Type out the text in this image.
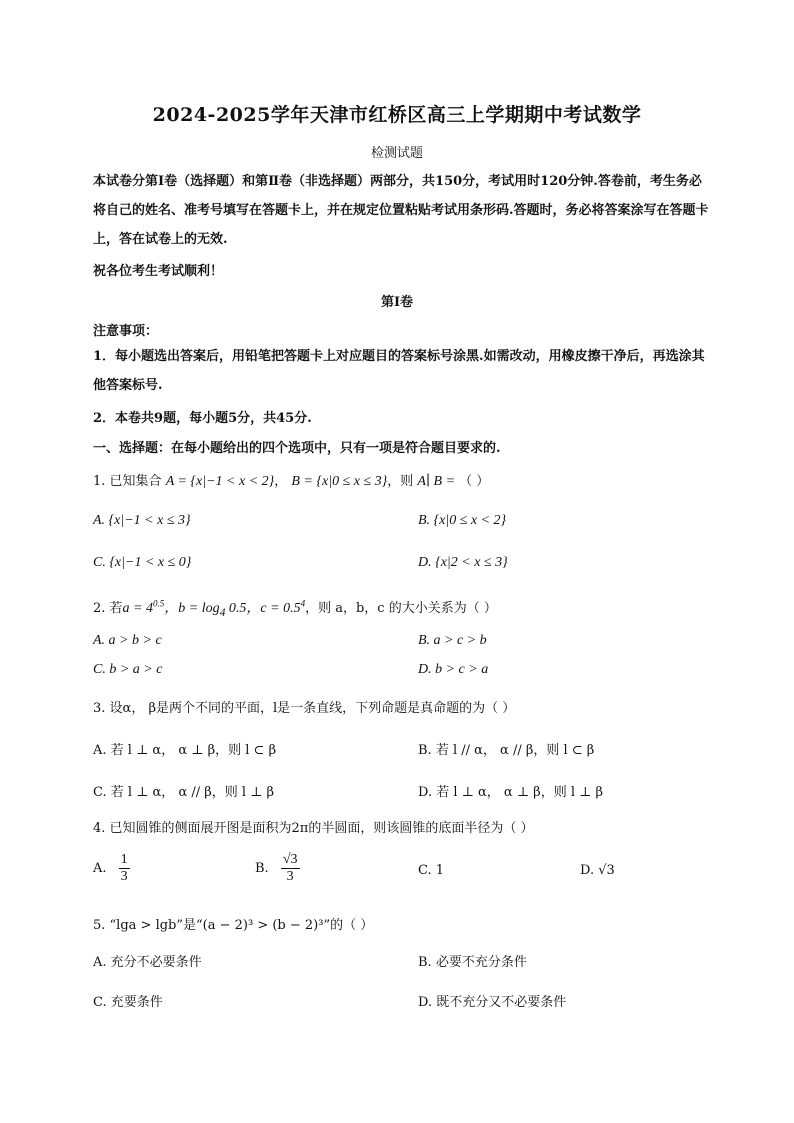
2024-2025学年天津市红桥区高三上学期期中考试数学
检测试题
本试卷分第Ⅰ卷（选择题）和第Ⅱ卷（非选择题）两部分，共150分，考试用时120分钟.答卷前，考生务必将自己的姓名、准考号填写在答题卡上，并在规定位置粘贴考试用条形码.答题时，务必将答案涂写在答题卡上，答在试卷上的无效.
祝各位考生考试顺利！
第Ⅰ卷
注意事项：
1．每小题选出答案后，用铅笔把答题卡上对应题目的答案标号涂黑.如需改动，用橡皮擦干净后，再选涂其他答案标号.
2．本卷共9题，每小题5分，共45分.
一、选择题：在每小题给出的四个选项中，只有一项是符合题目要求的.
1. 已知集合 A = {x|−1 < x < 2}， B = {x|0 ≤ x ≤ 3}，则 A∣ B = （ ）
A. {x|−1 < x ≤ 3}	B. {x|0 ≤ x < 2}
C. {x|−1 < x ≤ 0}	D. {x|2 < x ≤ 3}
2. 若$a = 4^{0.5}$，$b = \log_4 0.5$，$c = 0.5^4$，则 a，b，c 的大小关系为（ ）
A. a > b > c	B. a > c > b
C. b > a > c	D. b > c > a
3. 设α， β是两个不同的平面，l是一条直线，下列命题是真命题的为（ ）
A. 若 l ⊥ α， α ⊥ β，则 l ⊂ β	B. 若 l // α， α // β，则 l ⊂ β
C. 若 l ⊥ α， α // β，则 l ⊥ β	D. 若 l ⊥ α， α ⊥ β，则 l ⊥ β
4. 已知圆锥的侧面展开图是面积为2π的半圆面，则该圆锥的底面半径为（ ）
A. $\frac{1}{3}$	B. $\frac{√3}{3}$	C. 1	D. √3
5. “lga > lgb”是“(a − 2)³ > (b − 2)³”的（ ）
A. 充分不必要条件	B. 必要不充分条件
C. 充要条件	D. 既不充分又不必要条件
